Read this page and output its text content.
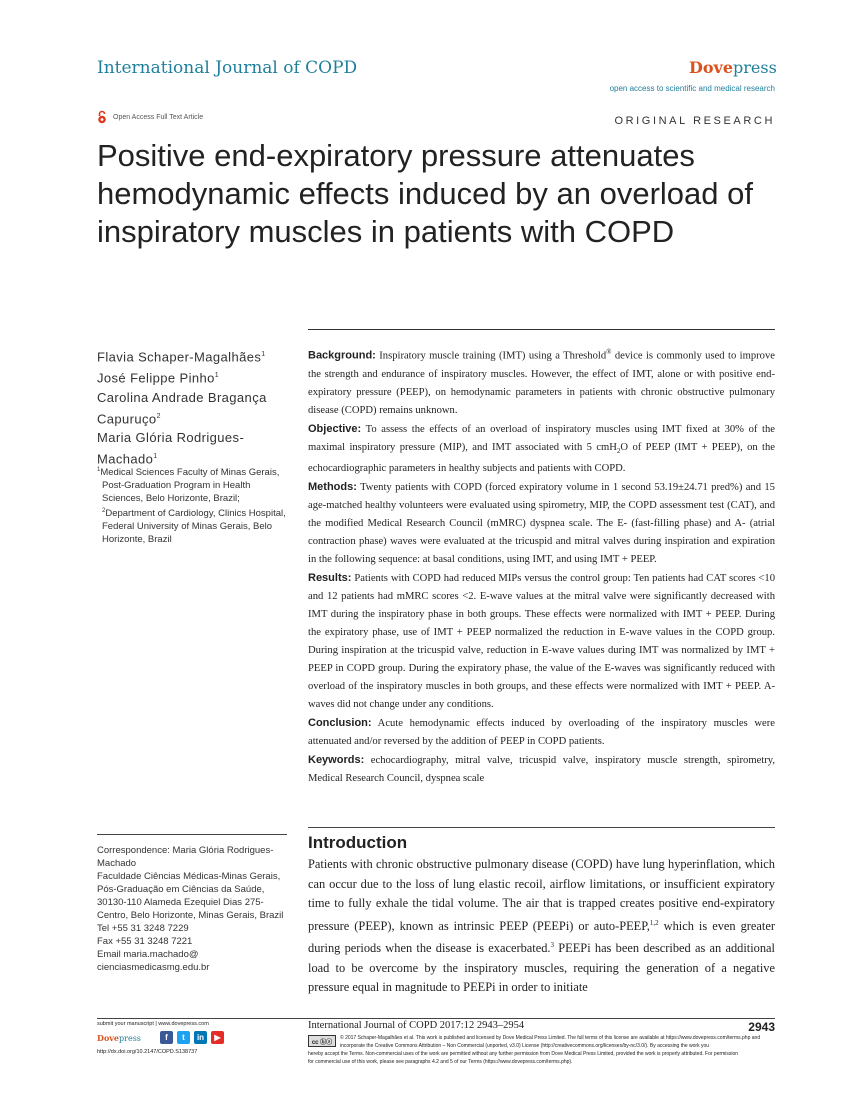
International Journal of COPD	Dovepress
open access to scientific and medical research
Open Access Full Text Article	ORIGINAL RESEARCH
Positive end-expiratory pressure attenuates hemodynamic effects induced by an overload of inspiratory muscles in patients with COPD
Flavia Schaper-Magalhães$^1$
José Felippe Pinho$^1$
Carolina Andrade Bragança Capuruço$^2$
Maria Glória Rodrigues-Machado$^1$

$^1$Medical Sciences Faculty of Minas Gerais, Post-Graduation Program in Health Sciences, Belo Horizonte, Brazil; $^2$Department of Cardiology, Clinics Hospital, Federal University of Minas Gerais, Belo Horizonte, Brazil

Background: Inspiratory muscle training (IMT) using a Threshold® device is commonly used to improve the strength and endurance of inspiratory muscles. However, the effect of IMT, alone or with positive end-expiratory pressure (PEEP), on hemodynamic parameters in patients with chronic obstructive pulmonary disease (COPD) remains unknown.

Objective: To assess the effects of an overload of inspiratory muscles using IMT fixed at 30% of the maximal inspiratory pressure (MIP), and IMT associated with 5 cmH$_2$O of PEEP (IMT + PEEP), on the echocardiographic parameters in healthy subjects and patients with COPD.

Methods: Twenty patients with COPD (forced expiratory volume in 1 second 53.19±24.71 pred%) and 15 age-matched healthy volunteers were evaluated using spirometry, MIP, the COPD assessment test (CAT), and the modified Medical Research Council (mMRC) dyspnea scale. The E- (fast-filling phase) and A- (atrial contraction phase) waves were evaluated at the tricuspid and mitral valves during inspiration and expiration in the following sequence: at basal conditions, using IMT, and using IMT + PEEP.

Results: Patients with COPD had reduced MIPs versus the control group: Ten patients had CAT scores <10 and 12 patients had mMRC scores <2. E-wave values at the mitral valve were significantly decreased with IMT during the inspiratory phase in both groups. These effects were normalized with IMT + PEEP. During the expiratory phase, use of IMT + PEEP normalized the reduction in E-wave values in the COPD group. During inspiration at the tricuspid valve, reduction in E-wave values during IMT was normalized by IMT + PEEP in COPD group. During the expiratory phase, the value of the E-waves was significantly reduced with overload of the inspiratory muscles in both groups, and these effects were normalized with IMT + PEEP. A-waves did not change under any conditions.

Conclusion: Acute hemodynamic effects induced by overloading of the inspiratory muscles were attenuated and/or reversed by the addition of PEEP in COPD patients.

Keywords: echocardiography, mitral valve, tricuspid valve, inspiratory muscle strength, spirometry, Medical Research Council, dyspnea scale

Correspondence: Maria Glória Rodrigues-Machado
Faculdade Ciências Médicas-Minas Gerais, Pós-Graduação em Ciências da Saúde, 30130-110 Alameda Ezequiel Dias 275-Centro, Belo Horizonte, Minas Gerais, Brazil
Tel +55 31 3248 7229
Fax +55 31 3248 7221
Email maria.machado@ cienciasmedicasmg.edu.br
Introduction
Patients with chronic obstructive pulmonary disease (COPD) have lung hyperinflation, which can occur due to the loss of lung elastic recoil, airflow limitations, or insufficient expiratory time to fully exhale the tidal volume. The air that is trapped creates positive end-expiratory pressure (PEEP), known as intrinsic PEEP (PEEPi) or auto-PEEP,$^{1,2}$ which is even greater during periods when the disease is exacerbated.$^3$ PEEPi has been described as an additional load to be overcome by the inspiratory muscles, requiring the generation of a negative pressure equal in magnitude to PEEPi in order to initiate
submit your manuscript | www.dovepress.com
Dovepress	f	t	in	▶
http://dx.doi.org/10.2147/COPD.S138737
International Journal of COPD 2017:12 2943–2954	2943
cc ⓑⓢ
© 2017 Schaper-Magalhães et al. This work is published and licensed by Dove Medical Press Limited. The full terms of this license are available at https://www.dovepress.com/terms.php and incorporate the Creative Commons Attribution – Non Commercial (unported, v3.0) License (http://creativecommons.org/licenses/by-nc/3.0/). By accessing the work you
hereby accept the Terms. Non-commercial uses of the work are permitted without any further permission from Dove Medical Press Limited, provided the work is properly attributed. For permission
for commercial use of this work, please see paragraphs 4.2 and 5 of our Terms (https://www.dovepress.com/terms.php).
